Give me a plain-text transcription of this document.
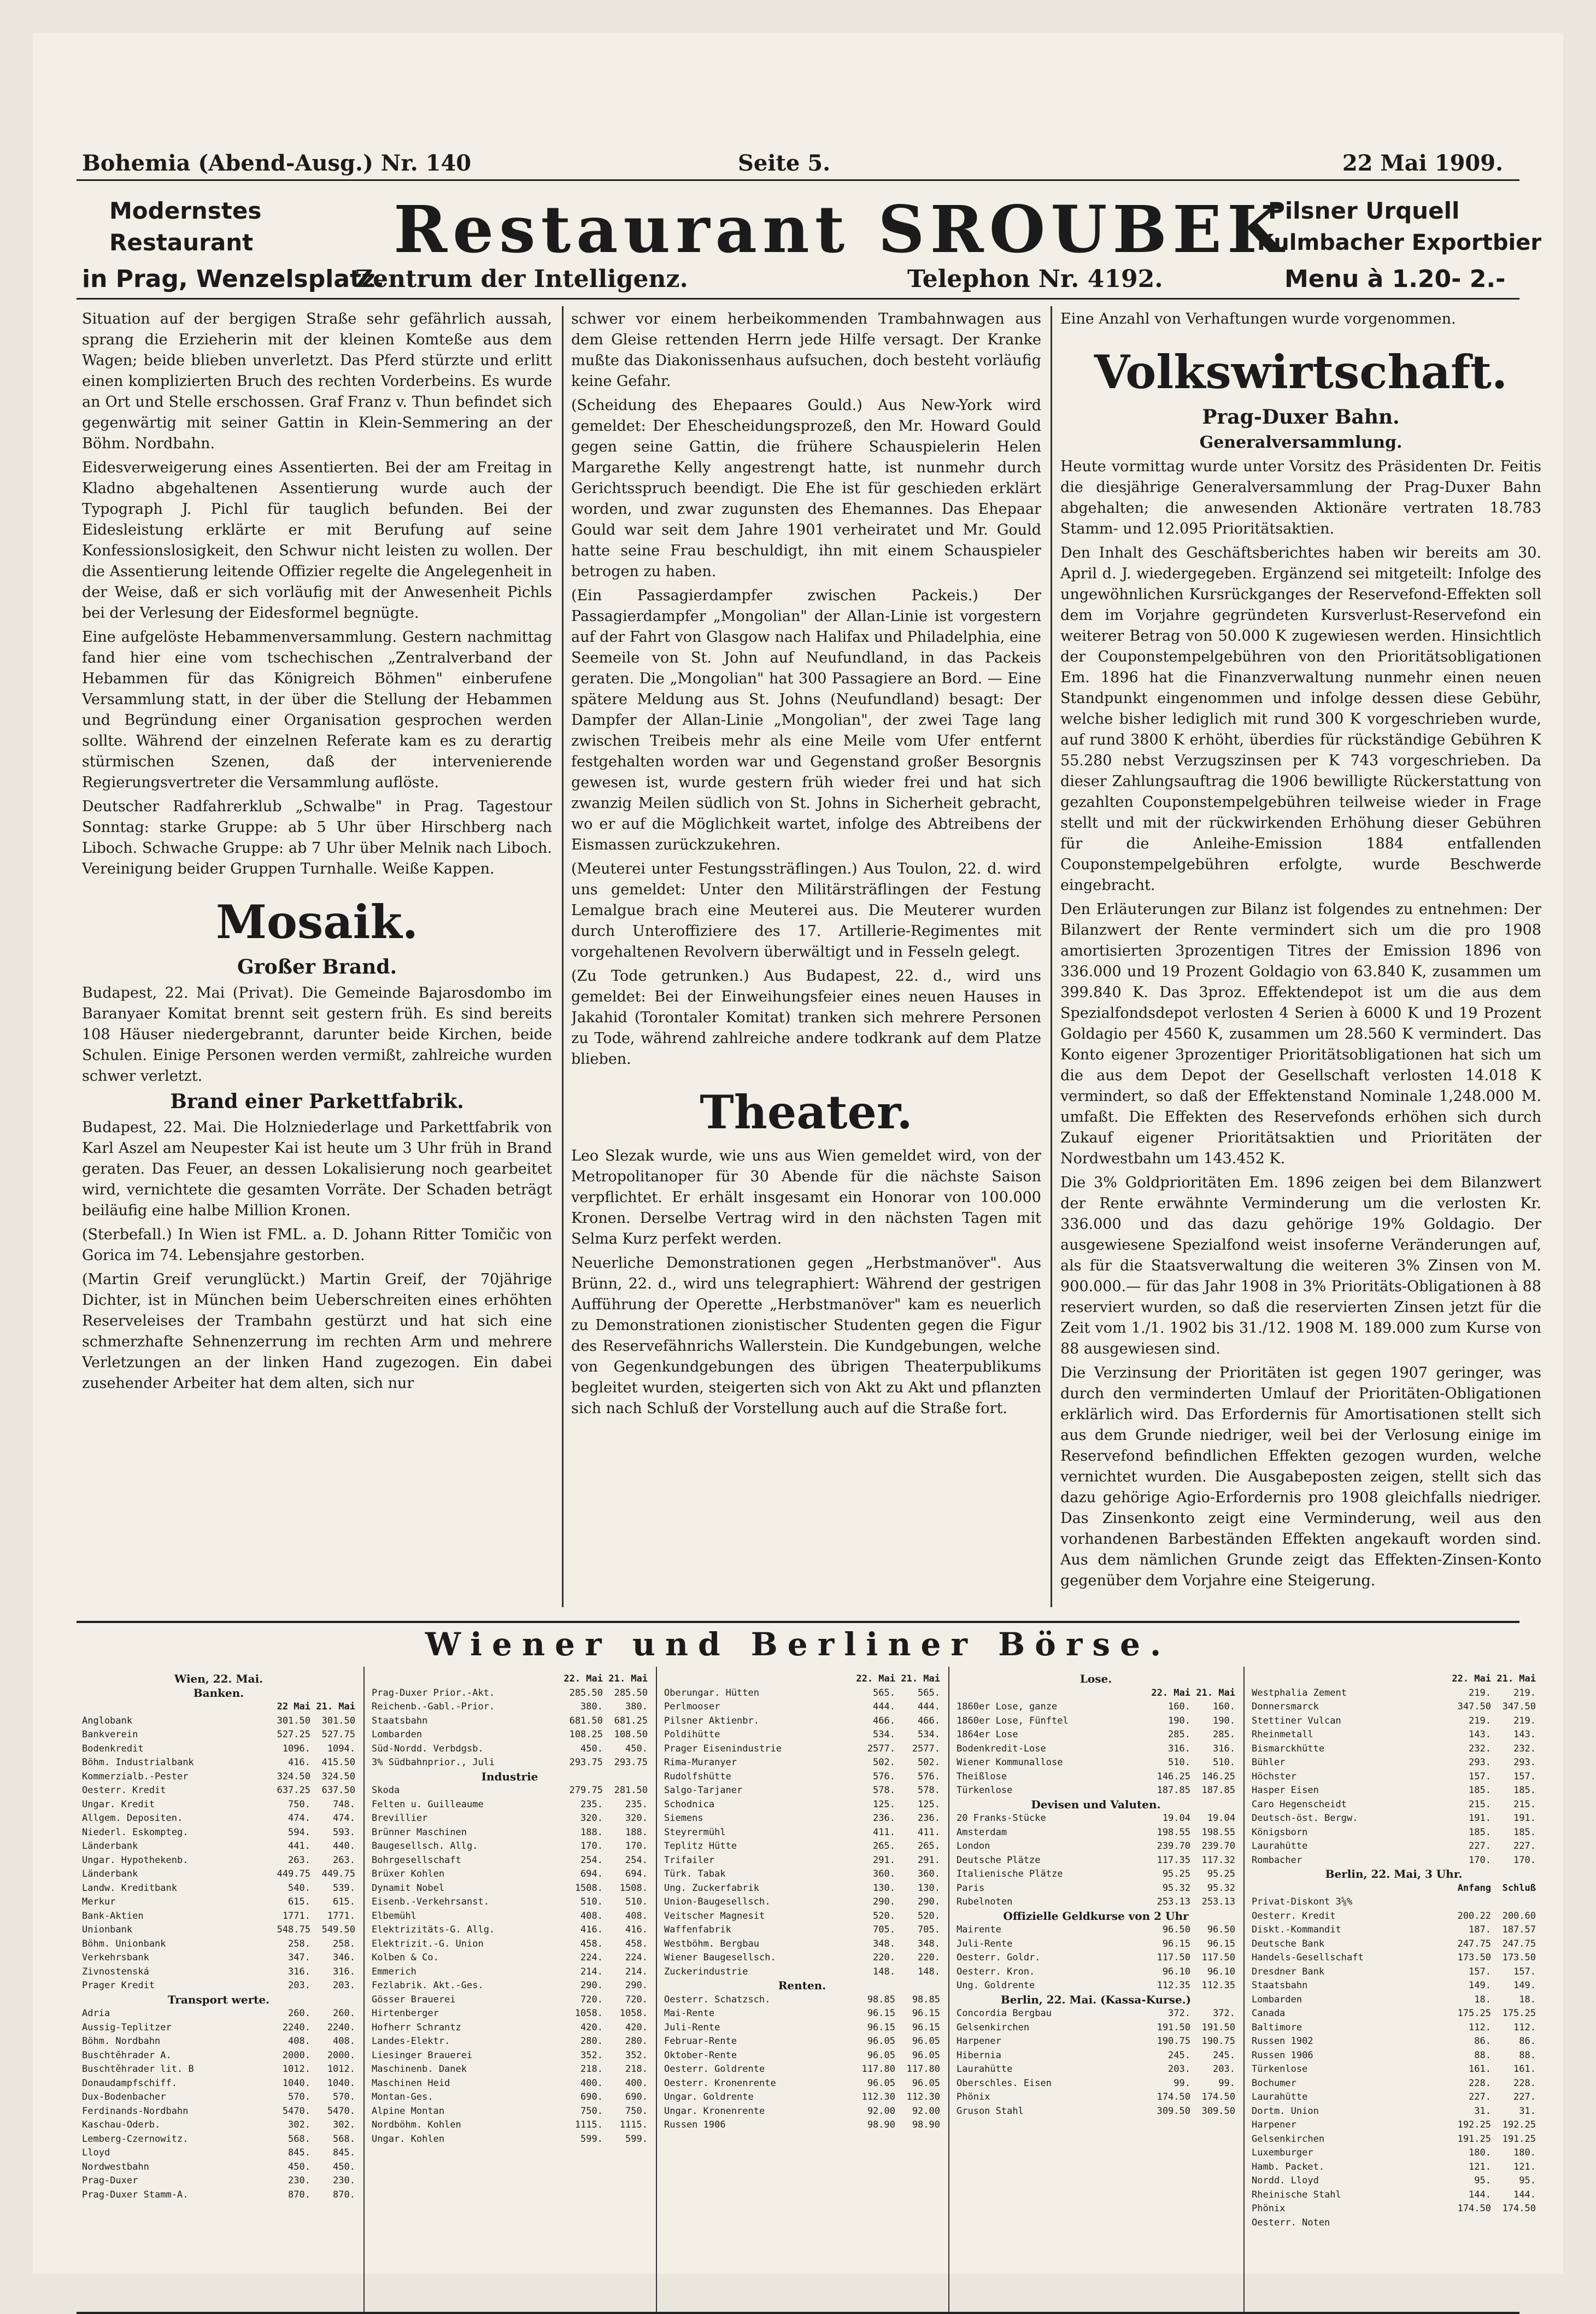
Bohemia (Abend-Ausg.) Nr. 140	Seite 5.	22 Mai 1909.
Modernstes
Restaurant Restaurant SROUBEK
Pilsner Urquell
Kulmbacher Exportbier
in Prag, Wenzelsplatz.
Zentrum der Intelligenz.	Telephon Nr. 4192.	Menu à 1.20- 2.-

Situation auf der bergigen Straße sehr gefährlich aussah, sprang die Erzieherin mit der kleinen Komteße aus dem Wagen; beide blieben unverletzt. Das Pferd stürzte und erlitt einen komplizierten Bruch des rechten Vorderbeins. Es wurde an Ort und Stelle erschossen. Graf Franz v. Thun befindet sich gegenwärtig mit seiner Gattin in Klein-Semmering an der Böhm. Nordbahn.

Eidesverweigerung eines Assentierten. Bei der am Freitag in Kladno abgehaltenen Assentierung wurde auch der Typograph J. Pichl für tauglich befunden. Bei der Eidesleistung erklärte er mit Berufung auf seine Konfessionslosigkeit, den Schwur nicht leisten zu wollen. Der die Assentierung leitende Offizier regelte die Angelegenheit in der Weise, daß er sich vorläufig mit der Anwesenheit Pichls bei der Verlesung der Eidesformel begnügte.

Eine aufgelöste Hebammenversammlung. Gestern nachmittag fand hier eine vom tschechischen „Zentralverband der Hebammen für das Königreich Böhmen" einberufene Versammlung statt, in der über die Stellung der Hebammen und Begründung einer Organisation gesprochen werden sollte. Während der einzelnen Referate kam es zu derartig stürmischen Szenen, daß der intervenierende Regierungsvertreter die Versammlung auflöste.

Deutscher Radfahrerklub „Schwalbe" in Prag. Tagestour Sonntag: starke Gruppe: ab 5 Uhr über Hirschberg nach Liboch. Schwache Gruppe: ab 7 Uhr über Melnik nach Liboch. Vereinigung beider Gruppen Turnhalle. Weiße Kappen.

Mosaik.
Großer Brand.

Budapest, 22. Mai (Privat). Die Gemeinde Bajarosdombo im Baranyaer Komitat brennt seit gestern früh. Es sind bereits 108 Häuser niedergebrannt, darunter beide Kirchen, beide Schulen. Einige Personen werden vermißt, zahlreiche wurden schwer verletzt.

Brand einer Parkettfabrik.

Budapest, 22. Mai. Die Holzniederlage und Parkettfabrik von Karl Aszel am Neupester Kai ist heute um 3 Uhr früh in Brand geraten. Das Feuer, an dessen Lokalisierung noch gearbeitet wird, vernichtete die gesamten Vorräte. Der Schaden beträgt beiläufig eine halbe Million Kronen.

(Sterbefall.) In Wien ist FML. a. D. Johann Ritter Tomičic von Gorica im 74. Lebensjahre gestorben.

(Martin Greif verunglückt.) Martin Greif, der 70jährige Dichter, ist in München beim Ueberschreiten eines erhöhten Reserveleises der Trambahn gestürzt und hat sich eine schmerzhafte Sehnenzerrung im rechten Arm und mehrere Verletzungen an der linken Hand zugezogen. Ein dabei zusehender Arbeiter hat dem alten, sich nur

schwer vor einem herbeikommenden Trambahnwagen aus dem Gleise rettenden Herrn jede Hilfe versagt. Der Kranke mußte das Diakonissenhaus aufsuchen, doch besteht vorläufig keine Gefahr.

(Scheidung des Ehepaares Gould.) Aus New-York wird gemeldet: Der Ehescheidungsprozeß, den Mr. Howard Gould gegen seine Gattin, die frühere Schauspielerin Helen Margarethe Kelly angestrengt hatte, ist nunmehr durch Gerichtsspruch beendigt. Die Ehe ist für geschieden erklärt worden, und zwar zugunsten des Ehemannes. Das Ehepaar Gould war seit dem Jahre 1901 verheiratet und Mr. Gould hatte seine Frau beschuldigt, ihn mit einem Schauspieler betrogen zu haben.

(Ein Passagierdampfer zwischen Packeis.) Der Passagierdampfer „Mongolian" der Allan-Linie ist vorgestern auf der Fahrt von Glasgow nach Halifax und Philadelphia, eine Seemeile von St. John auf Neufundland, in das Packeis geraten. Die „Mongolian" hat 300 Passagiere an Bord. — Eine spätere Meldung aus St. Johns (Neufundland) besagt: Der Dampfer der Allan-Linie „Mongolian", der zwei Tage lang zwischen Treibeis mehr als eine Meile vom Ufer entfernt festgehalten worden war und Gegenstand großer Besorgnis gewesen ist, wurde gestern früh wieder frei und hat sich zwanzig Meilen südlich von St. Johns in Sicherheit gebracht, wo er auf die Möglichkeit wartet, infolge des Abtreibens der Eismassen zurückzukehren.

(Meuterei unter Festungssträflingen.) Aus Toulon, 22. d. wird uns gemeldet: Unter den Militärsträflingen der Festung Lemalgue brach eine Meuterei aus. Die Meuterer wurden durch Unteroffiziere des 17. Artillerie-Regimentes mit vorgehaltenen Revolvern überwältigt und in Fesseln gelegt.

(Zu Tode getrunken.) Aus Budapest, 22. d., wird uns gemeldet: Bei der Einweihungsfeier eines neuen Hauses in Jakahid (Torontaler Komitat) tranken sich mehrere Personen zu Tode, während zahlreiche andere todkrank auf dem Platze blieben.

Theater.

Leo Slezak wurde, wie uns aus Wien gemeldet wird, von der Metropolitanoper für 30 Abende für die nächste Saison verpflichtet. Er erhält insgesamt ein Honorar von 100.000 Kronen. Derselbe Vertrag wird in den nächsten Tagen mit Selma Kurz perfekt werden.

Neuerliche Demonstrationen gegen „Herbstmanöver". Aus Brünn, 22. d., wird uns telegraphiert: Während der gestrigen Aufführung der Operette „Herbstmanöver" kam es neuerlich zu Demonstrationen zionistischer Studenten gegen die Figur des Reservefähnrichs Wallerstein. Die Kundgebungen, welche von Gegenkundgebungen des übrigen Theaterpublikums begleitet wurden, steigerten sich von Akt zu Akt und pflanzten sich nach Schluß der Vorstellung auch auf die Straße fort.

Eine Anzahl von Verhaftungen wurde vorgenommen.

Volkswirtschaft.
Prag-Duxer Bahn.
Generalversammlung.

Heute vormittag wurde unter Vorsitz des Präsidenten Dr. Feitis die diesjährige Generalversammlung der Prag-Duxer Bahn abgehalten; die anwesenden Aktionäre vertraten 18.783 Stamm- und 12.095 Prioritätsaktien.

Den Inhalt des Geschäftsberichtes haben wir bereits am 30. April d. J. wiedergegeben. Ergänzend sei mitgeteilt: Infolge des ungewöhnlichen Kursrückganges der Reservefond-Effekten soll dem im Vorjahre gegründeten Kursverlust-Reservefond ein weiterer Betrag von 50.000 K zugewiesen werden. Hinsichtlich der Couponstempelgebühren von den Prioritätsobligationen Em. 1896 hat die Finanzverwaltung nunmehr einen neuen Standpunkt eingenommen und infolge dessen diese Gebühr, welche bisher lediglich mit rund 300 K vorgeschrieben wurde, auf rund 3800 K erhöht, überdies für rückständige Gebühren K 55.280 nebst Verzugszinsen per K 743 vorgeschrieben. Da dieser Zahlungsauftrag die 1906 bewilligte Rückerstattung von gezahlten Couponstempelgebühren teilweise wieder in Frage stellt und mit der rückwirkenden Erhöhung dieser Gebühren für die Anleihe-Emission 1884 entfallenden Couponstempelgebühren erfolgte, wurde Beschwerde eingebracht.

Den Erläuterungen zur Bilanz ist folgendes zu entnehmen: Der Bilanzwert der Rente vermindert sich um die pro 1908 amortisierten 3prozentigen Titres der Emission 1896 von 336.000 und 19 Prozent Goldagio von 63.840 K, zusammen um 399.840 K. Das 3proz. Effektendepot ist um die aus dem Spezialfondsdepot verlosten 4 Serien à 6000 K und 19 Prozent Goldagio per 4560 K, zusammen um 28.560 K vermindert. Das Konto eigener 3prozentiger Prioritätsobligationen hat sich um die aus dem Depot der Gesellschaft verlosten 14.018 K vermindert, so daß der Effektenstand Nominale 1,248.000 M. umfaßt. Die Effekten des Reservefonds erhöhen sich durch Zukauf eigener Prioritätsaktien und Prioritäten der Nordwestbahn um 143.452 K.

Die 3% Goldprioritäten Em. 1896 zeigen bei dem Bilanzwert der Rente erwähnte Verminderung um die verlosten Kr. 336.000 und das dazu gehörige 19% Goldagio. Der ausgewiesene Spezialfond weist insoferne Veränderungen auf, als für die Staatsverwaltung die weiteren 3% Zinsen von M. 900.000.— für das Jahr 1908 in 3% Prioritäts-Obligationen à 88 reserviert wurden, so daß die reservierten Zinsen jetzt für die Zeit vom 1./1. 1902 bis 31./12. 1908 M. 189.000 zum Kurse von 88 ausgewiesen sind.

Die Verzinsung der Prioritäten ist gegen 1907 geringer, was durch den verminderten Umlauf der Prioritäten-Obligationen erklärlich wird. Das Erfordernis für Amortisationen stellt sich aus dem Grunde niedriger, weil bei der Verlosung einige im Reservefond befindlichen Effekten gezogen wurden, welche vernichtet wurden. Die Ausgabeposten zeigen, stellt sich das dazu gehörige Agio-Erfordernis pro 1908 gleichfalls niedriger. Das Zinsenkonto zeigt eine Verminderung, weil aus den vorhandenen Barbeständen Effekten angekauft worden sind. Aus dem nämlichen Grunde zeigt das Effekten-Zinsen-Konto gegenüber dem Vorjahre eine Steigerung.

Wiener und Berliner Börse.
Wien, 22. Mai.
Banken.
22 Mai 21. Mai
Anglobank	301.50	301.50
Bankverein	527.25	527.75
Bodenkredit	1096.	1094.
Böhm. Industrialbank	416.	415.50
Kommerzialb.-Pester	324.50	324.50
Oesterr. Kredit	637.25	637.50
Ungar. Kredit	750.	748.
Allgem. Depositen.	474.	474.
Niederl. Eskompteg.	594.	593.
Länderbank	441.	440.
Ungar. Hypothekenb.	263.	263.
Länderbank	449.75	449.75
Landw. Kreditbank	540.	539.
Merkur	615.	615.
Bank-Aktien	1771.	1771.
Unionbank	548.75	549.50
Böhm. Unionbank	258.	258.
Verkehrsbank	347.	346.
Zivnostenská	316.	316.
Prager Kredit	203.	203.
Transport werte.
Adria	260.	260.
Aussig-Teplitzer	2240.	2240.
Böhm. Nordbahn	408.	408.
Buschtěhrader A.	2000.	2000.
Buschtěhrader lit. B	1012.	1012.
Donaudampfschiff.	1040.	1040.
Dux-Bodenbacher	570.	570.
Ferdinands-Nordbahn	5470.	5470.
Kaschau-Oderb.	302.	302.
Lemberg-Czernowitz.	568.	568.
Lloyd	845.	845.
Nordwestbahn	450.	450.
Prag-Duxer	230.	230.
Prag-Duxer Stamm-A.	870.	870.
22. Mai 21. Mai
Prag-Duxer Prior.-Akt.	285.50	285.50
Reichenb.-Gabl.-Prior.	380.	380.
Staatsbahn	681.50	681.25
Lombarden	108.25	108.50
Süd-Nordd. Verbdgsb.	450.	450.
3% Südbahnprior., Juli	293.75	293.75
Industrie
Skoda	279.75	281.50
Felten u. Guilleaume	235.	235.
Brevillier	320.	320.
Brünner Maschinen	188.	188.
Baugesellsch. Allg.	170.	170.
Bohrgesellschaft	254.	254.
Brüxer Kohlen	694.	694.
Dynamit Nobel	1508.	1508.
Eisenb.-Verkehrsanst.	510.	510.
Elbemühl	408.	408.
Elektrizitäts-G. Allg.	416.	416.
Elektrizit.-G. Union	458.	458.
Kolben & Co.	224.	224.
Emmerich	214.	214.
Fezlabrik. Akt.-Ges.	290.	290.
Gösser Brauerei	720.	720.
Hirtenberger	1058.	1058.
Hofherr Schrantz	420.	420.
Landes-Elektr.	280.	280.
Liesinger Brauerei	352.	352.
Maschinenb. Danek	218.	218.
Maschinen Heid	400.	400.
Montan-Ges.	690.	690.
Alpine Montan	750.	750.
Nordböhm. Kohlen	1115.	1115.
Ungar. Kohlen	599.	599.
22. Mai 21. Mai
Oberungar. Hütten	565.	565.
Perlmooser	444.	444.
Pilsner Aktienbr.	466.	466.
Poldihütte	534.	534.
Prager Eisenindustrie	2577.	2577.
Rima-Muranyer	502.	502.
Rudolfshütte	576.	576.
Salgo-Tarjaner	578.	578.
Schodnica	125.	125.
Siemens	236.	236.
Steyrermühl	411.	411.
Teplitz Hütte	265.	265.
Trifailer	291.	291.
Türk. Tabak	360.	360.
Ung. Zuckerfabrik	130.	130.
Union-Baugesellsch.	290.	290.
Veitscher Magnesit	520.	520.
Waffenfabrik	705.	705.
Westböhm. Bergbau	348.	348.
Wiener Baugesellsch.	220.	220.
Zuckerindustrie	148.	148.
Renten.
Oesterr. Schatzsch.	98.85	98.85
Mai-Rente	96.15	96.15
Juli-Rente	96.15	96.15
Februar-Rente	96.05	96.05
Oktober-Rente	96.05	96.05
Oesterr. Goldrente	117.80	117.80
Oesterr. Kronenrente	96.05	96.05
Ungar. Goldrente	112.30	112.30
Ungar. Kronenrente	92.00	92.00
Russen 1906	98.90	98.90
Lose.
22. Mai 21. Mai
1860er Lose, ganze	160.	160.
1860er Lose, Fünftel	190.	190.
1864er Lose	285.	285.
Bodenkredit-Lose	316.	316.
Wiener Kommunallose	510.	510.
Theißlose	146.25	146.25
Türkenlose	187.85	187.85
Devisen und Valuten.
20 Franks-Stücke	19.04	19.04
Amsterdam	198.55	198.55
London	239.70	239.70
Deutsche Plätze	117.35	117.32
Italienische Plätze	95.25	95.25
Paris	95.32	95.32
Rubelnoten	253.13	253.13
Offizielle Geldkurse von 2 Uhr
Mairente	96.50	96.50
Juli-Rente	96.15	96.15
Oesterr. Goldr.	117.50	117.50
Oesterr. Kron.	96.10	96.10
Ung. Goldrente	112.35	112.35
Berlin, 22. Mai. (Kassa-Kurse.)
Concordia Bergbau	372.	372.
Gelsenkirchen	191.50	191.50
Harpener	190.75	190.75
Hibernia	245.	245.
Laurahütte	203.	203.
Oberschles. Eisen	99.	99.
Phönix	174.50	174.50
Gruson Stahl	309.50	309.50
22. Mai 21. Mai
Westphalia Zement	219.	219.
Donnersmarck	347.50	347.50
Stettiner Vulcan	219.	219.
Rheinmetall	143.	143.
Bismarckhütte	232.	232.
Bühler	293.	293.
Höchster	157.	157.
Hasper Eisen	185.	185.
Caro Hegenscheidt	215.	215.
Deutsch-öst. Bergw.	191.	191.
Königsborn	185.	185.
Laurahütte	227.	227.
Rombacher	170.	170.
Berlin, 22. Mai, 3 Uhr.
Anfang	Schluß
Privat-Diskont 3⅝%
Oesterr. Kredit	200.22	200.60
Diskt.-Kommandit	187.	187.57
Deutsche Bank	247.75	247.75
Handels-Gesellschaft	173.50	173.50
Dresdner Bank	157.	157.
Staatsbahn	149.	149.
Lombarden	18.	18.
Canada	175.25	175.25
Baltimore	112.	112.
Russen 1902	86.	86.
Russen 1906	88.	88.
Türkenlose	161.	161.
Bochumer	228.	228.
Laurahütte	227.	227.
Dortm. Union	31.	31.
Harpener	192.25	192.25
Gelsenkirchen	191.25	191.25
Luxemburger	180.	180.
Hamb. Packet.	121.	121.
Nordd. Lloyd	95.	95.
Rheinische Stahl	144.	144.
Phönix	174.50	174.50
Oesterr. Noten
